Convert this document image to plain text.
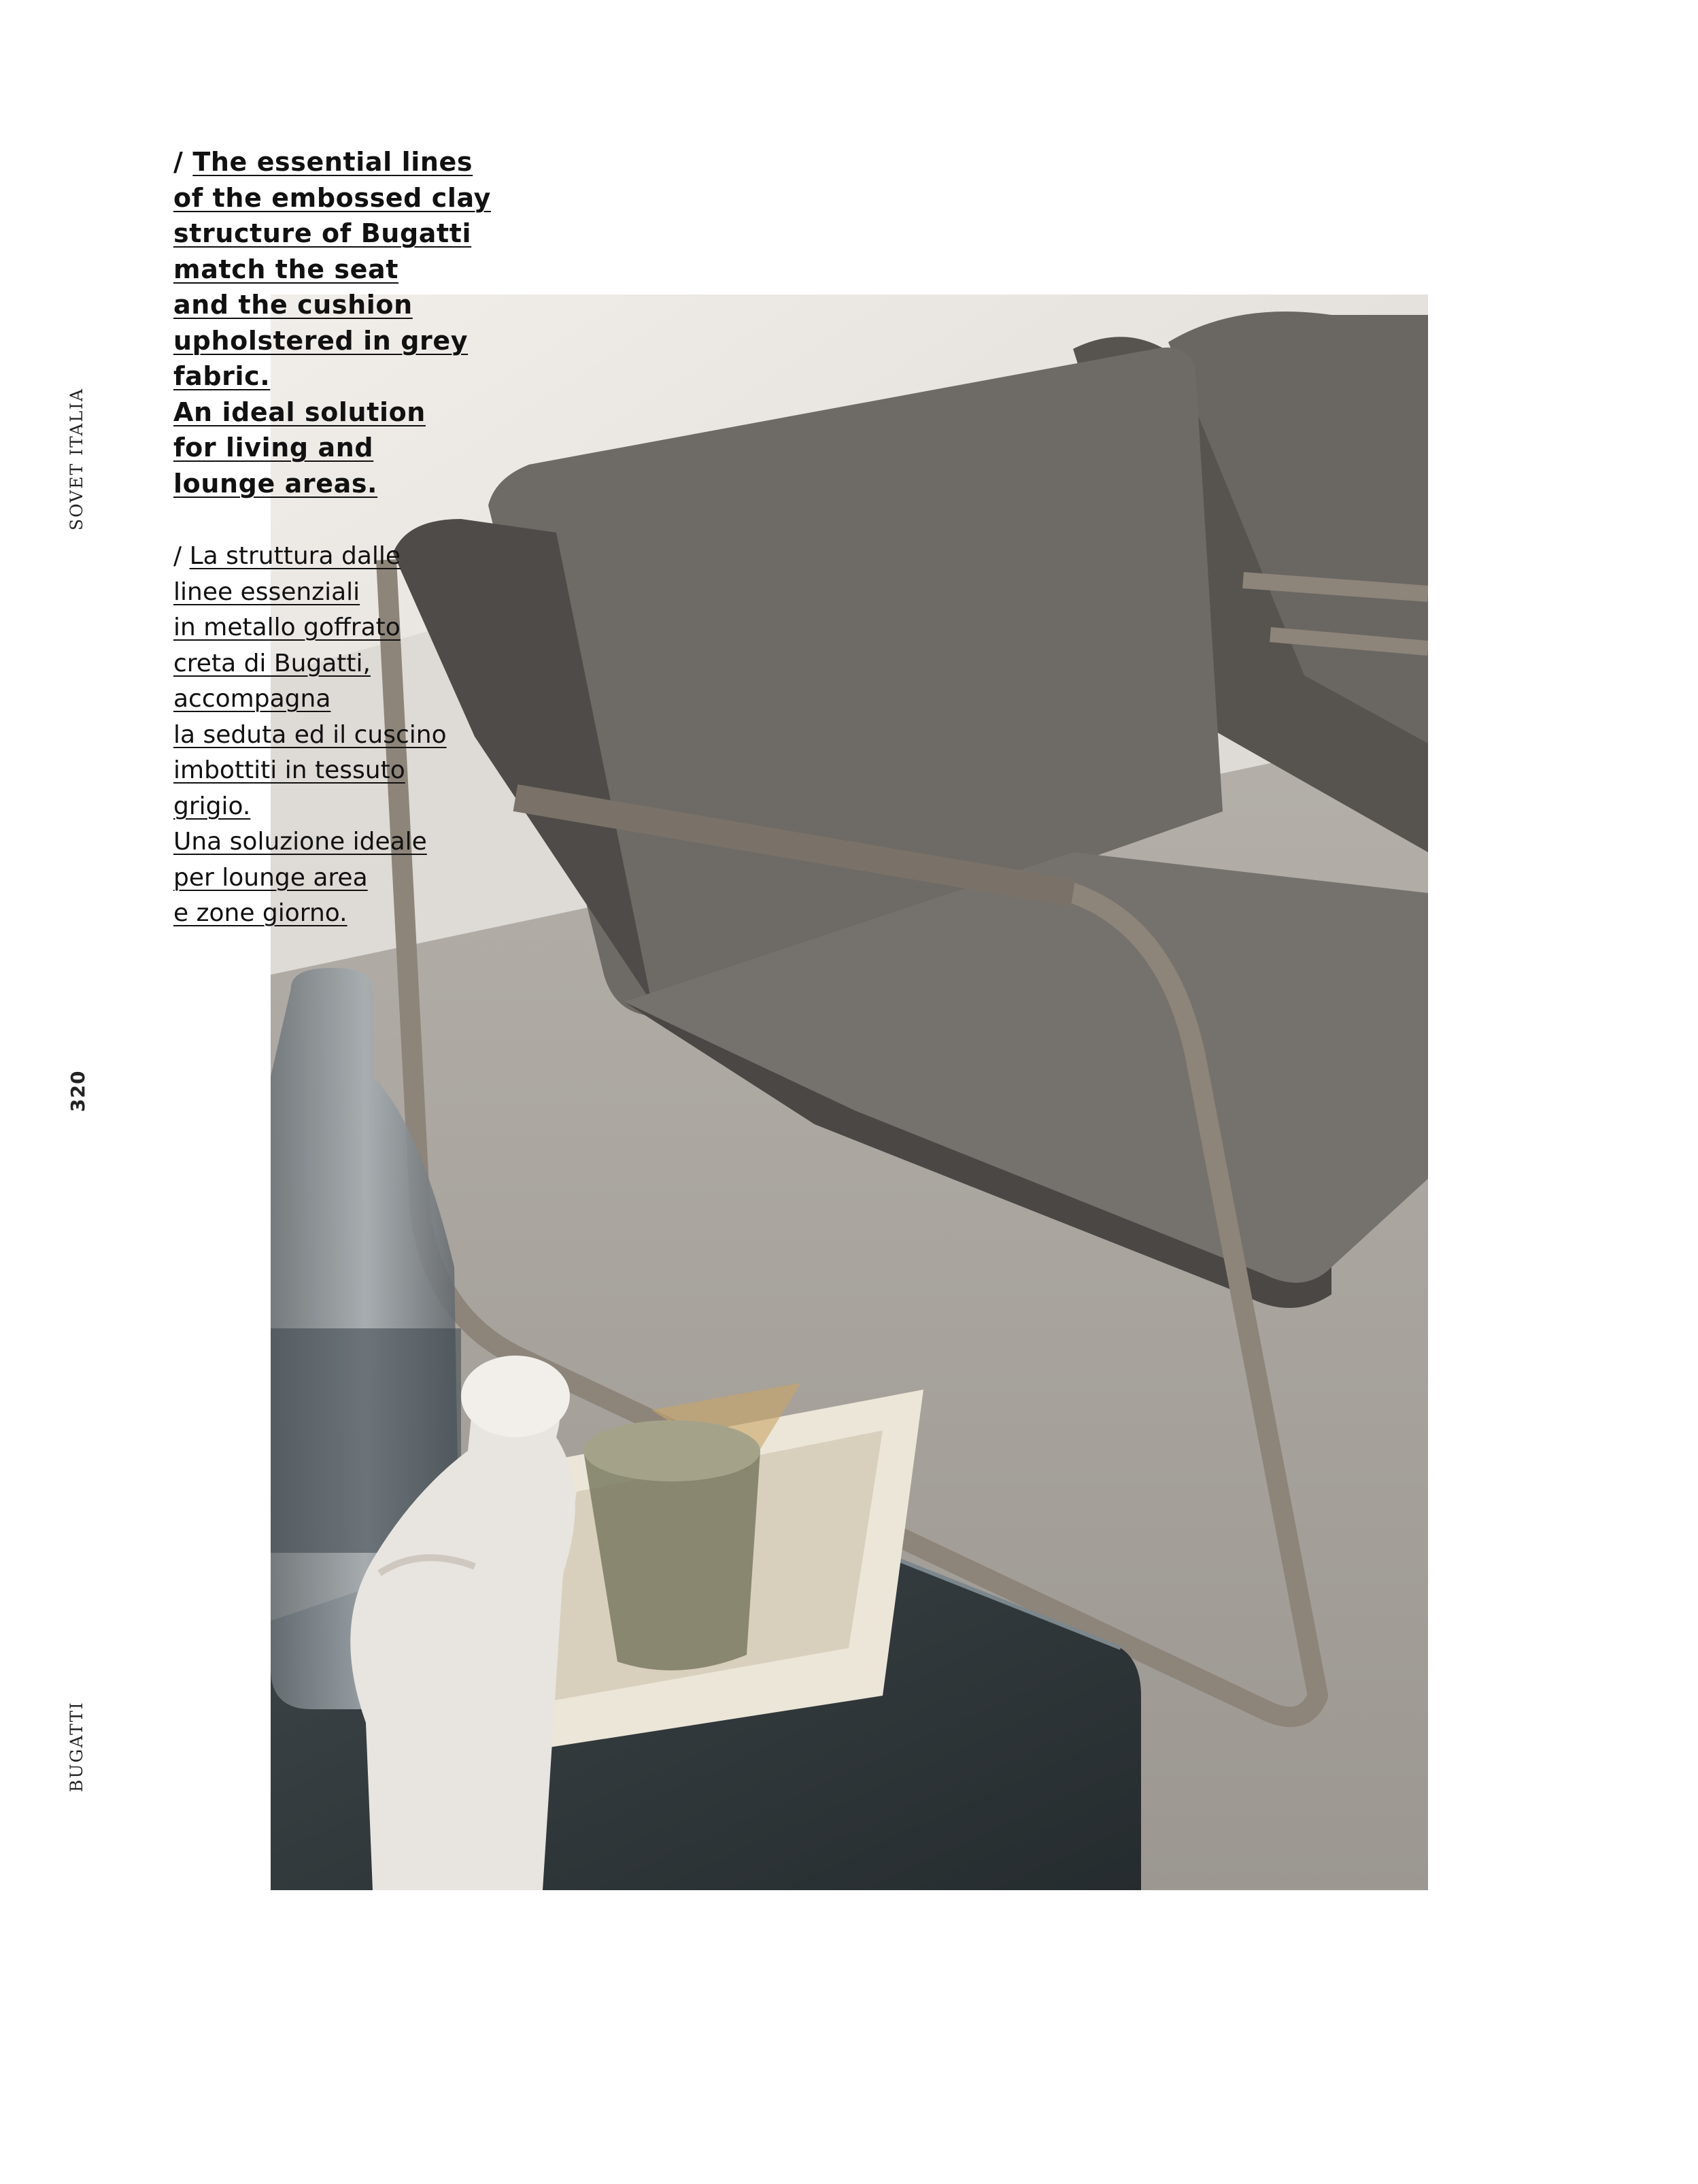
SOVET ITALIA
320
BUGATTI

/ The essential lines
of the embossed clay
structure of Bugatti
match the seat
and the cushion
upholstered in grey
fabric.
An ideal solution
for living and
lounge areas.

/ La struttura dalle
linee essenziali
in metallo goffrato
creta di Bugatti,
accompagna
la seduta ed il cuscino
imbottiti in tessuto
grigio.
Una soluzione ideale
per lounge area
e zone giorno.
